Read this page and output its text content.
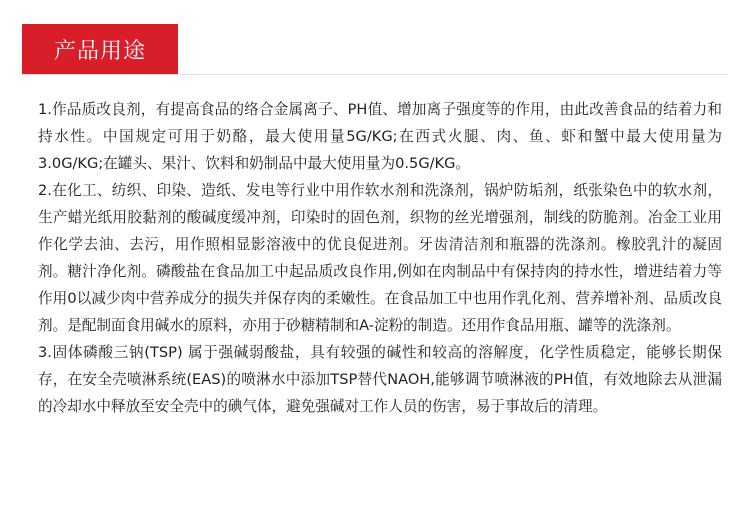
产品用途

1.作品质改良剂，有提高食品的络合金属离子、PH值、增加离子强度等的作用，由此改善食品的结着力和持水性。中国规定可用于奶酪，最大使用量5G/KG;在西式火腿、肉、鱼、虾和蟹中最大使用量为3.0G/KG;在罐头、果汁、饮料和奶制品中最大使用量为0.5G/KG。

2.在化工、纺织、印染、造纸、发电等行业中用作软水剂和洗涤剂，锅炉防垢剂，纸张染色中的软水剂，生产蜡光纸用胶黏剂的酸碱度缓冲剂，印染时的固色剂，织物的丝光增强剂，制线的防脆剂。冶金工业用作化学去油、去污，用作照相显影溶液中的优良促进剂。牙齿清洁剂和瓶器的洗涤剂。橡胶乳汁的凝固剂。糖汁净化剂。磷酸盐在食品加工中起品质改良作用,例如在肉制品中有保持肉的持水性，增进结着力等作用0以减少肉中营养成分的损失并保存肉的柔嫩性。在食品加工中也用作乳化剂、营养增补剂、品质改良剂。是配制面食用碱水的原料，亦用于砂糖精制和A-淀粉的制造。还用作食品用瓶、罐等的洗涤剂。

3.固体磷酸三钠(TSP) 属于强碱弱酸盐，具有较强的碱性和较高的溶解度，化学性质稳定，能够长期保存，在安全壳喷淋系统(EAS)的喷淋水中添加TSP替代NAOH,能够调节喷淋液的PH值，有效地除去从泄漏的冷却水中释放至安全壳中的碘气体，避免强碱对工作人员的伤害，易于事故后的清理。
